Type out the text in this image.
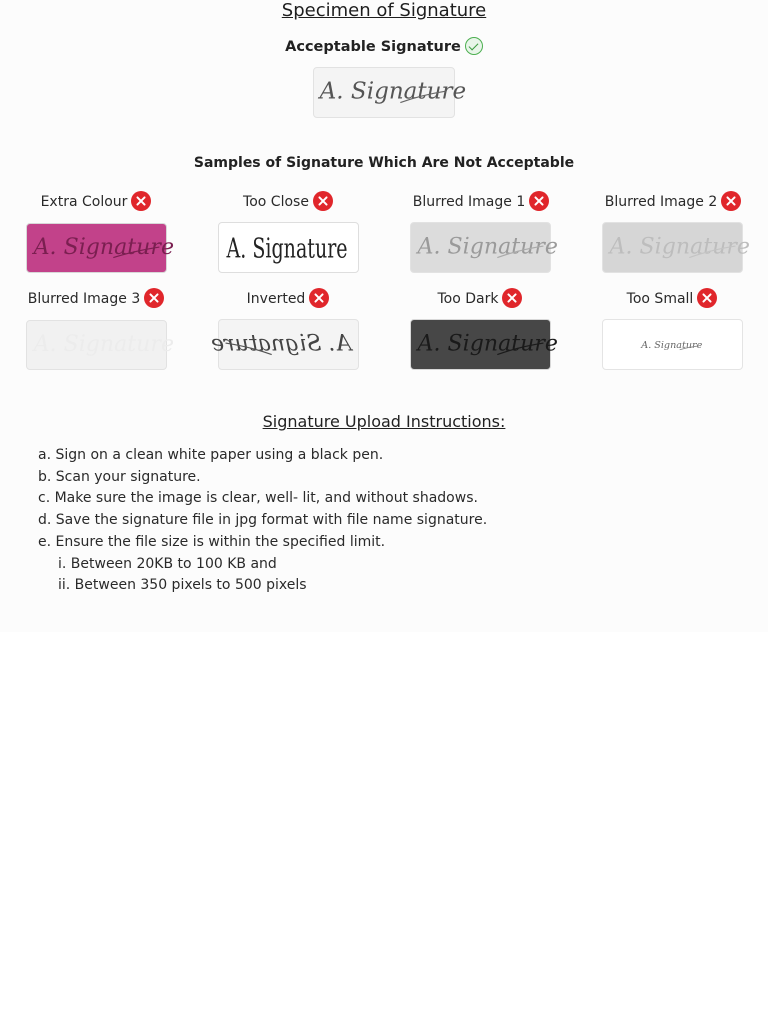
Specimen of Signature
Acceptable Signature
A. Signature
Samples of Signature Which Are Not Acceptable
Extra Colour	Too Close	Blurred Image 1	Blurred Image 2
A. Signature A. Signature	A. Signature A. Signature
Blurred Image 3	Inverted	Too Dark	Too Small
A. Signature A. Signature	A. Signature	A. Signature
Signature Upload Instructions:
a. Sign on a clean white paper using a black pen.
b. Scan your signature.
c. Make sure the image is clear, well- lit, and without shadows.
d. Save the signature file in jpg format with file name signature.
e. Ensure the file size is within the specified limit.
i. Between 20KB to 100 KB and
ii. Between 350 pixels to 500 pixels
